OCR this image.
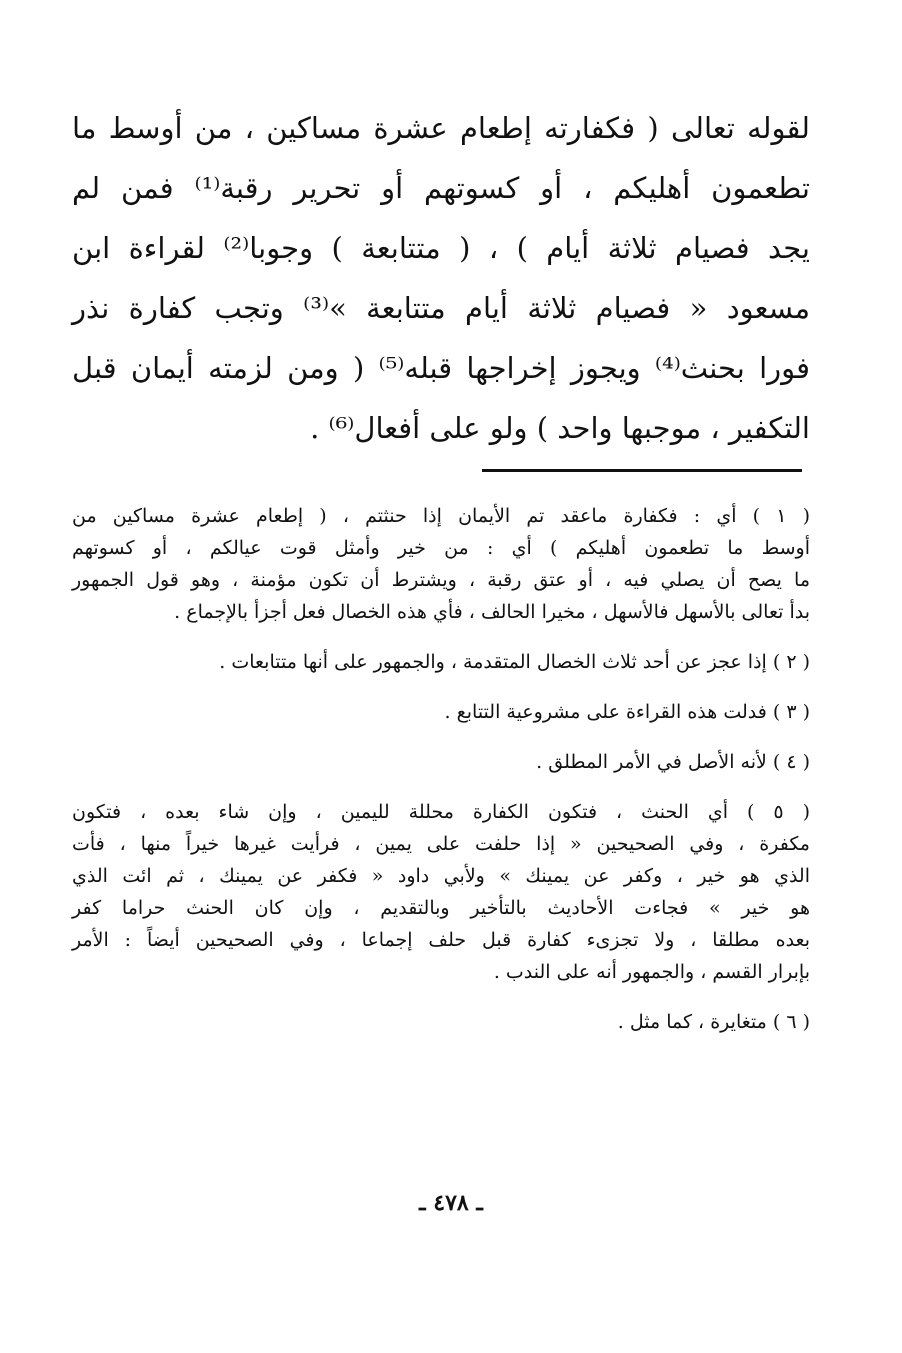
لقوله تعالى ( فكفارته إطعام عشرة مساكين ، من أوسط ما
تطعمون أهليكم ، أو كسوتهم أو تحرير رقبة⁽¹⁾ فمن لم
يجد فصيام ثلاثة أيام ) ، ( متتابعة ) وجوبا⁽²⁾ لقراءة ابن
مسعود « فصيام ثلاثة أيام متتابعة »⁽³⁾ وتجب كفارة نذر
فورا بحنث⁽⁴⁾ ويجوز إخراجها قبله⁽⁵⁾ ( ومن لزمته أيمان قبل
التكفير ، موجبها واحد ) ولو على أفعال⁽⁶⁾ .
( ١ ) أي : فكفارة ماعقد تم الأيمان إذا حنثتم ، ( إطعام عشرة مساكين من
أوسط ما تطعمون أهليكم ) أي : من خير وأمثل قوت عيالكم ، أو كسوتهم
ما يصح أن يصلي فيه ، أو عتق رقبة ، ويشترط أن تكون مؤمنة ، وهو قول الجمهور
بدأ تعالى بالأسهل فالأسهل ، مخيرا الحالف ، فأي هذه الخصال فعل أجزأ بالإجماع .
( ٢ ) إذا عجز عن أحد ثلاث الخصال المتقدمة ، والجمهور على أنها متتابعات .
( ٣ ) فدلت هذه القراءة على مشروعية التتابع .
( ٤ ) لأنه الأصل في الأمر المطلق .
( ٥ ) أي الحنث ، فتكون الكفارة محللة لليمين ، وإن شاء بعده ، فتكون
مكفرة ، وفي الصحيحين « إذا حلفت على يمين ، فرأيت غيرها خيراً منها ، فأت
الذي هو خير ، وكفر عن يمينك » ولأبي داود « فكفر عن يمينك ، ثم ائت الذي
هو خير » فجاءت الأحاديث بالتأخير وبالتقديم ، وإن كان الحنث حراما كفر
بعده مطلقا ، ولا تجزىء كفارة قبل حلف إجماعا ، وفي الصحيحين أيضاً : الأمر
بإبرار القسم ، والجمهور أنه على الندب .
( ٦ ) متغايرة ، كما مثل .
ـ ٤٧٨ ـ
